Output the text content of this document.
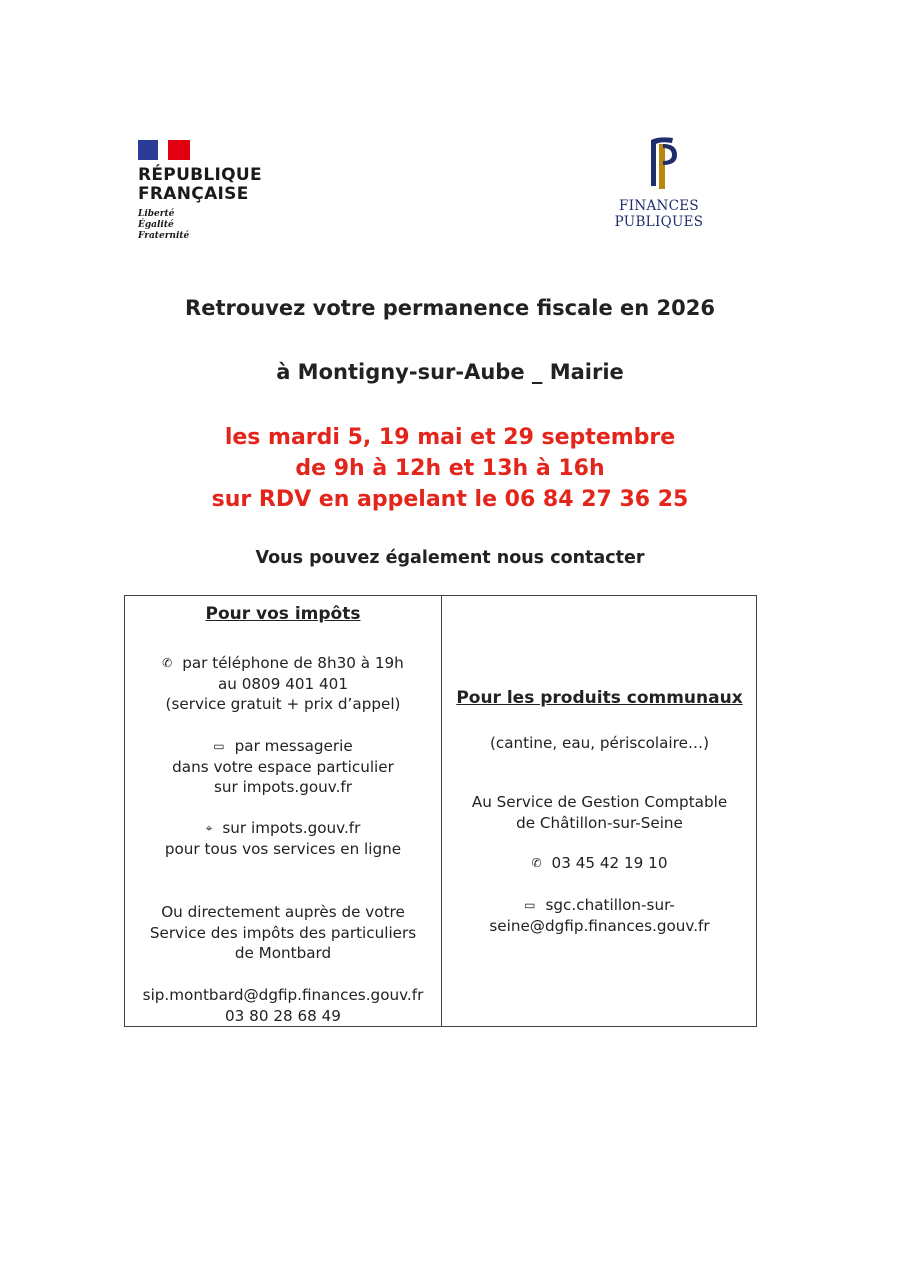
RÉPUBLIQUE
FRANÇAISE
Liberté
Égalité
Fraternité
FINANCES PUBLIQUES
Retrouvez votre permanence fiscale en 2026
à Montigny-sur-Aube _ Mairie
les mardi 5, 19 mai et 29 septembre
de 9h à 12h et 13h à 16h
sur RDV en appelant le 06 84 27 36 25
Vous pouvez également nous contacter
Pour vos impôts
✆ par téléphone de 8h30 à 19h
au 0809 401 401
(service gratuit + prix d’appel)
▭ par messagerie
dans votre espace particulier
sur impots.gouv.fr
⌖ sur impots.gouv.fr
pour tous vos services en ligne
Ou directement auprès de votre
Service des impôts des particuliers
de Montbard
sip.montbard@dgfip.finances.gouv.fr
03 80 28 68 49
Pour les produits communaux
(cantine, eau, périscolaire…)
Au Service de Gestion Comptable
de Châtillon-sur-Seine
✆ 03 45 42 19 10
▭ sgc.chatillon-sur-
seine@dgfip.finances.gouv.fr
